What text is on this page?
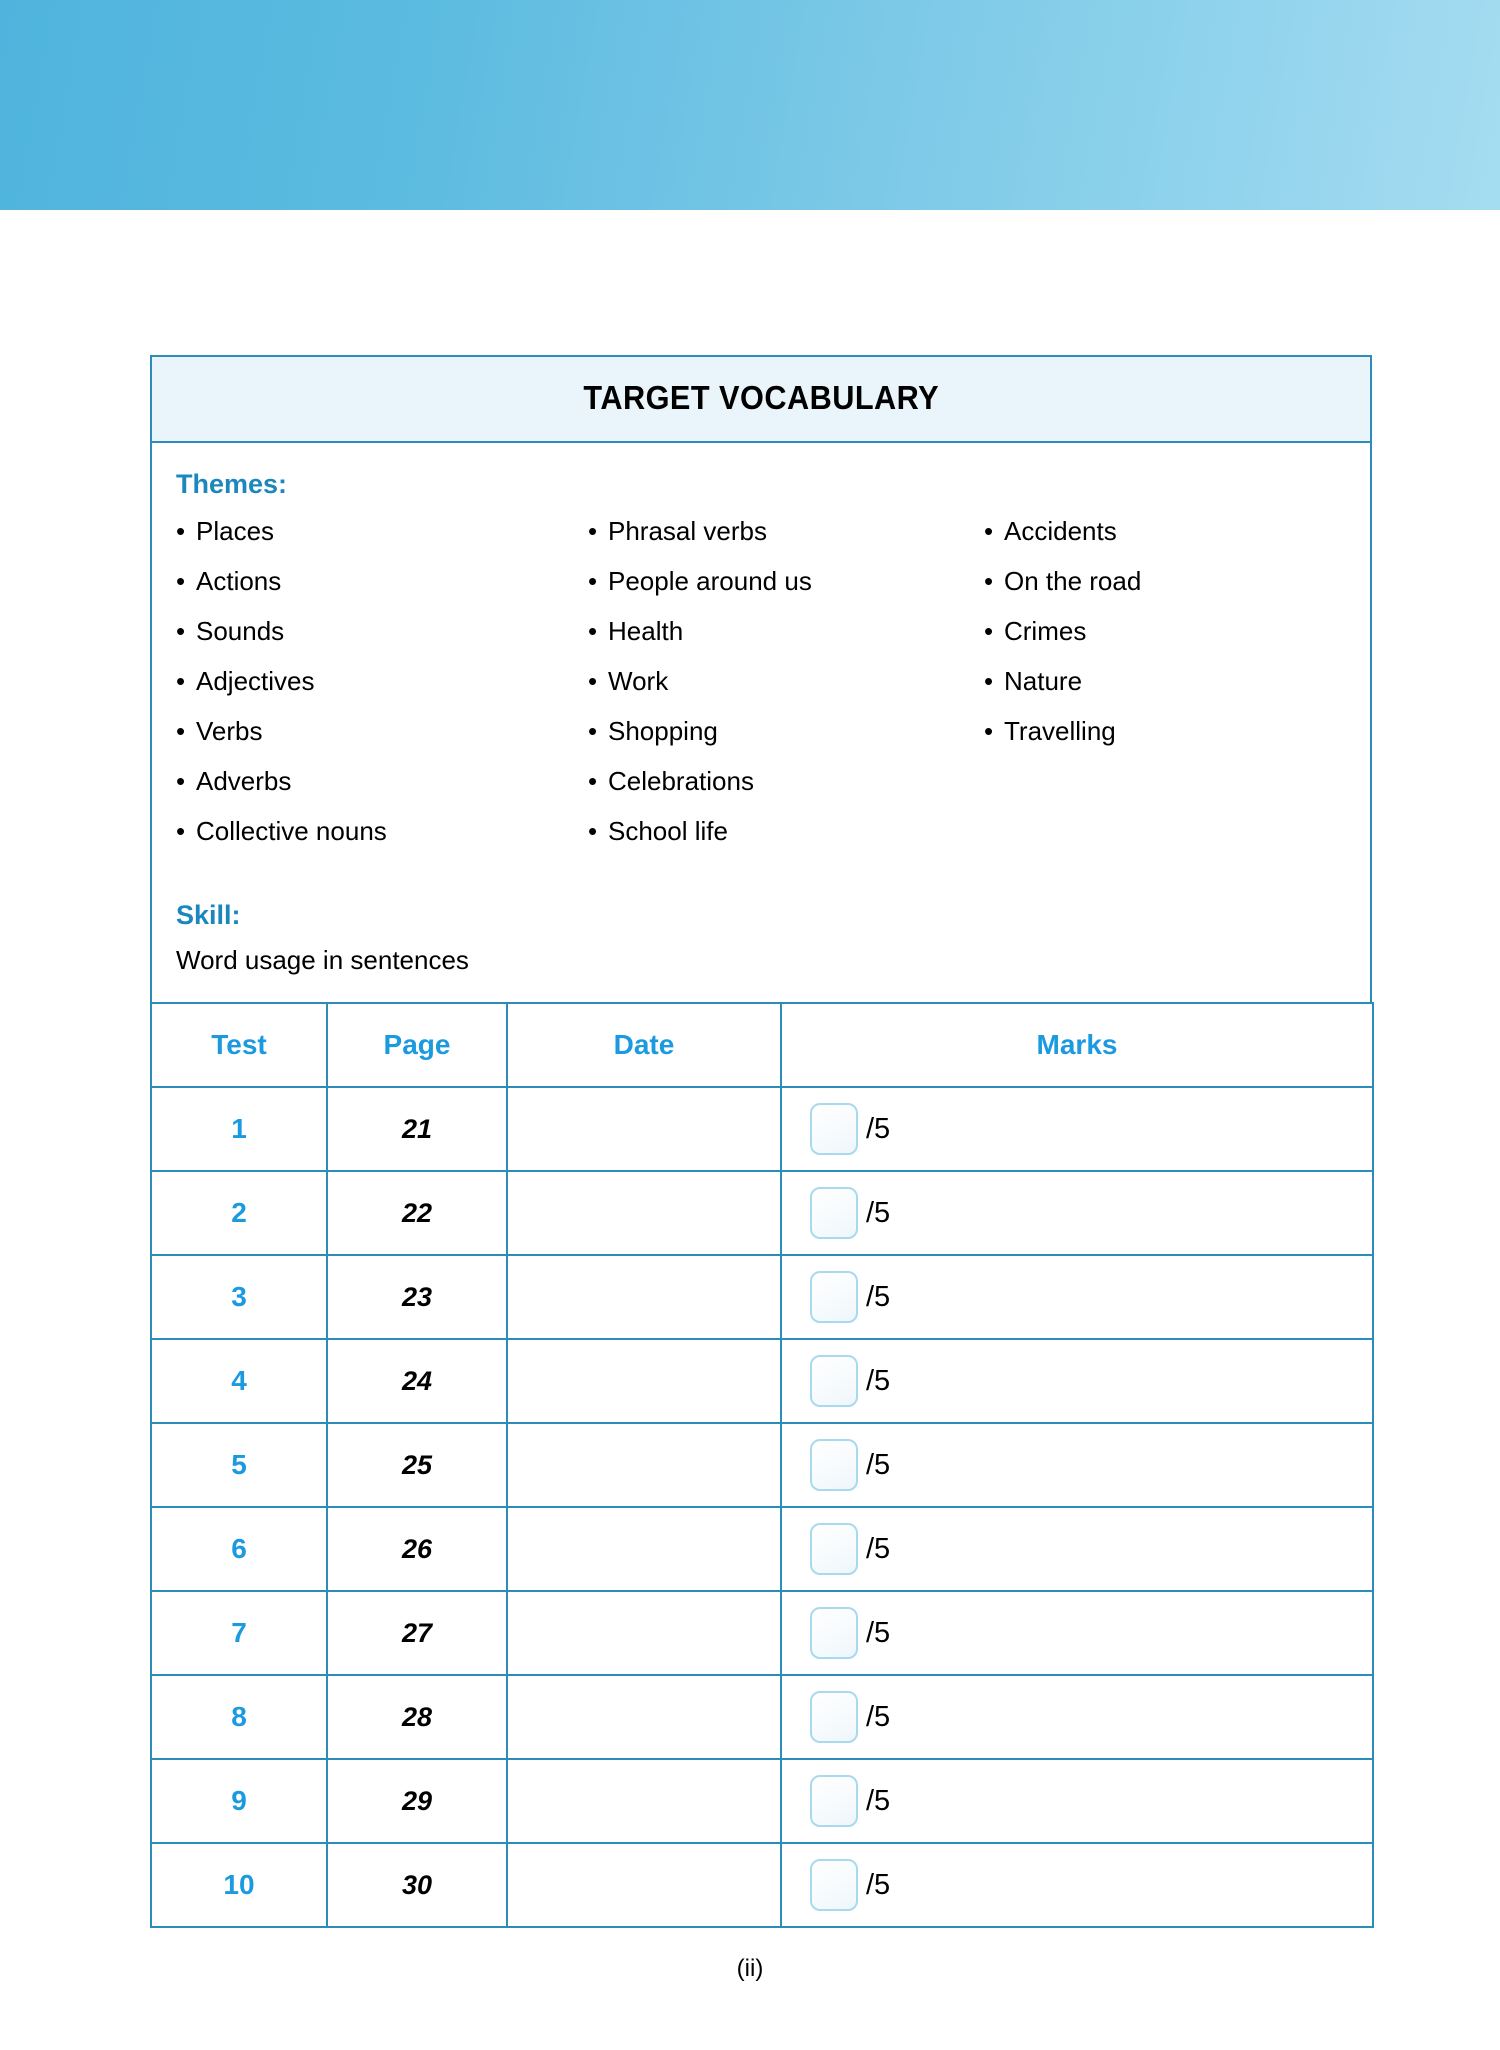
TARGET VOCABULARY
Themes:
• Places
• Actions
• Sounds
• Adjectives
• Verbs
• Adverbs
• Collective nouns
• Phrasal verbs
• People around us
• Health
• Work
• Shopping
• Celebrations
• School life
• Accidents
• On the road
• Crimes
• Nature
• Travelling
Skill:
Word usage in sentences
Test	Page	Date	Marks
1	21		/5

2	22		/5

3	23		/5

4	24		/5

5	25		/5

6	26		/5

7	27		/5

8	28		/5

9	29		/5

10	30		/5
(ii)
